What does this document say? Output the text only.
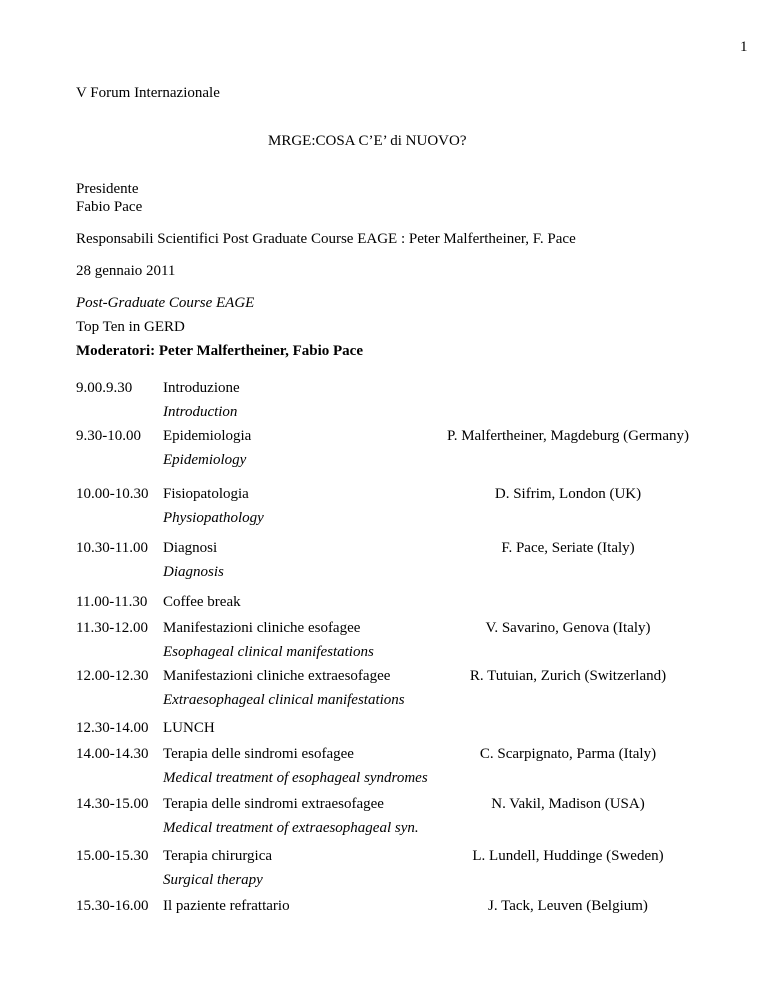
1
V Forum Internazionale
MRGE:COSA C’E’ di NUOVO?
Presidente
Fabio Pace
Responsabili Scientifici Post Graduate Course EAGE : Peter Malfertheiner, F. Pace
28 gennaio 2011
Post-Graduate Course EAGE
Top Ten in GERD
Moderatori: Peter Malfertheiner, Fabio Pace
9.00.9.30 Introduzione
Introduction
9.30-10.00 Epidemiologia	P. Malfertheiner, Magdeburg (Germany)
Epidemiology
10.00-10.30 Fisiopatologia	D. Sifrim, London (UK)
Physiopathology
10.30-11.00 Diagnosi	F. Pace, Seriate (Italy)
Diagnosis
11.00-11.30 Coffee break
11.30-12.00 Manifestazioni cliniche esofagee	V. Savarino, Genova (Italy)
Esophageal clinical manifestations
12.00-12.30 Manifestazioni cliniche extraesofagee	R. Tutuian, Zurich (Switzerland)
Extraesophageal clinical manifestations
12.30-14.00 LUNCH
14.00-14.30 Terapia delle sindromi esofagee	C. Scarpignato, Parma (Italy)
Medical treatment of esophageal syndromes
14.30-15.00 Terapia delle sindromi extraesofagee	N. Vakil, Madison (USA)
Medical treatment of extraesophageal syn.
15.00-15.30 Terapia chirurgica	L. Lundell, Huddinge (Sweden)
Surgical therapy
15.30-16.00 Il paziente refrattario	J. Tack, Leuven (Belgium)
